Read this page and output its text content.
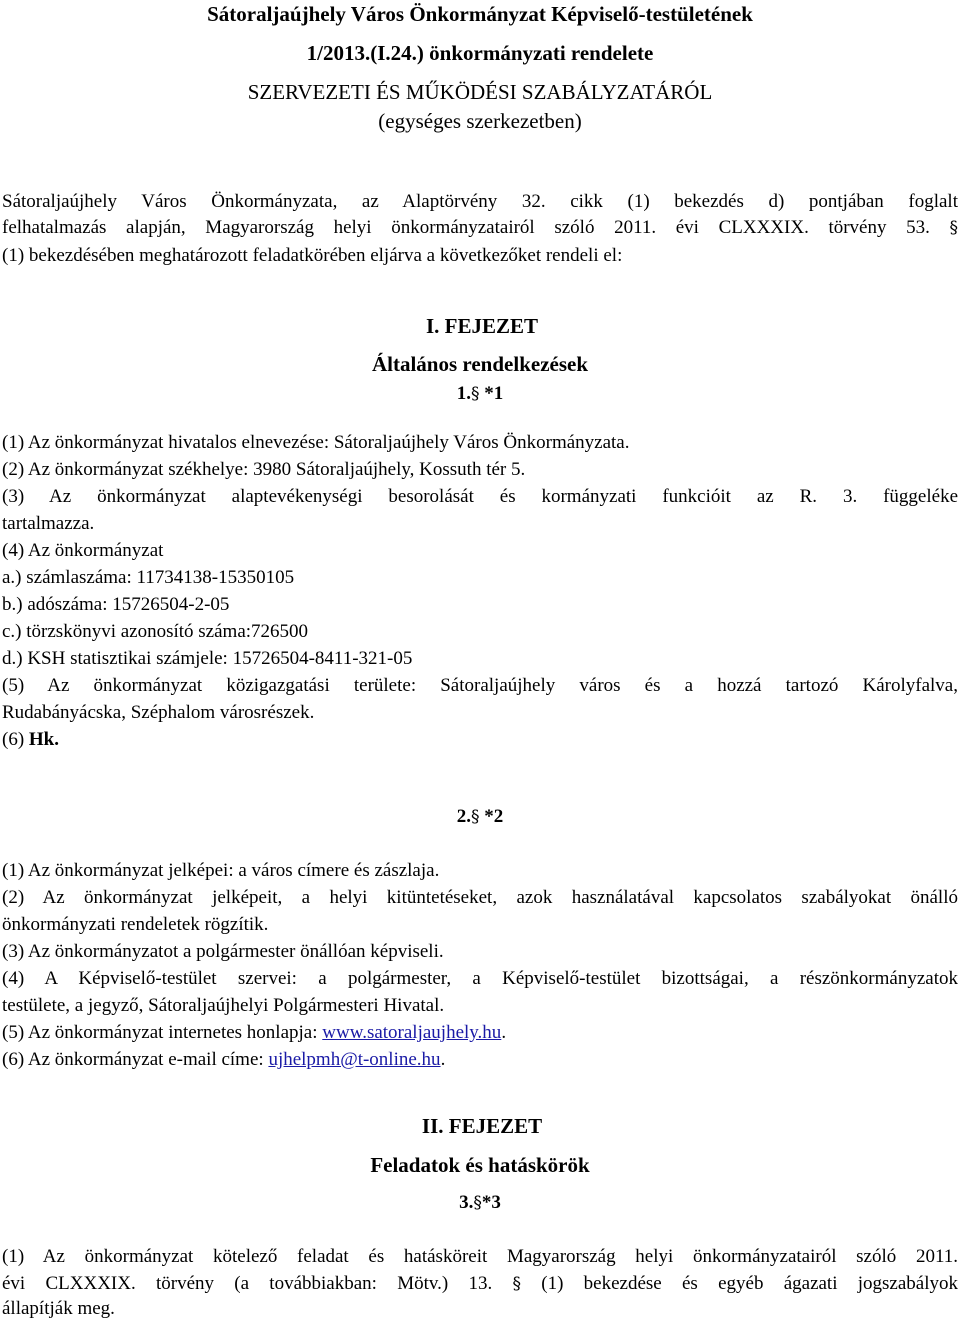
Sátoraljaújhely Város Önkormányzat Képviselő-testületének
1/2013.(I.24.) önkormányzati rendelete
SZERVEZETI ÉS MŰKÖDÉSI SZABÁLYZATÁRÓL
(egységes szerkezetben)
Sátoraljaújhely Város Önkormányzata, az Alaptörvény 32. cikk (1) bekezdés d) pontjában foglalt
felhatalmazás alapján, Magyarország helyi önkormányzatairól szóló 2011. évi CLXXXIX. törvény 53. §
(1) bekezdésében meghatározott feladatkörében eljárva a következőket rendeli el:
I. FEJEZET
Általános rendelkezések
1.§ *1
(1) Az önkormányzat hivatalos elnevezése: Sátoraljaújhely Város Önkormányzata.
(2) Az önkormányzat székhelye: 3980 Sátoraljaújhely, Kossuth tér 5.
(3) Az önkormányzat alaptevékenységi besorolását és kormányzati funkcióit az R. 3. függeléke
tartalmazza.
(4) Az önkormányzat
a.) számlaszáma: 11734138-15350105
b.) adószáma: 15726504-2-05
c.) törzskönyvi azonosító száma:726500
d.) KSH statisztikai számjele: 15726504-8411-321-05
(5) Az önkormányzat közigazgatási területe: Sátoraljaújhely város és a hozzá tartozó Károlyfalva,
Rudabányácska, Széphalom városrészek.
(6) Hk.
2.§ *2
(1) Az önkormányzat jelképei: a város címere és zászlaja.
(2) Az önkormányzat jelképeit, a helyi kitüntetéseket, azok használatával kapcsolatos szabályokat önálló
önkormányzati rendeletek rögzítik.
(3) Az önkormányzatot a polgármester önállóan képviseli.
(4) A Képviselő-testület szervei: a polgármester, a Képviselő-testület bizottságai, a részönkormányzatok
testülete, a jegyző, Sátoraljaújhelyi Polgármesteri Hivatal.
(5) Az önkormányzat internetes honlapja: www.satoraljaujhely.hu.
(6) Az önkormányzat e-mail címe: ujhelpmh@t-online.hu.
II. FEJEZET
Feladatok és hatáskörök
3.§*3
(1) Az önkormányzat kötelező feladat és hatásköreit Magyarország helyi önkormányzatairól szóló 2011.
évi CLXXXIX. törvény (a továbbiakban: Mötv.) 13. § (1) bekezdése és egyéb ágazati jogszabályok
állapítják meg.
